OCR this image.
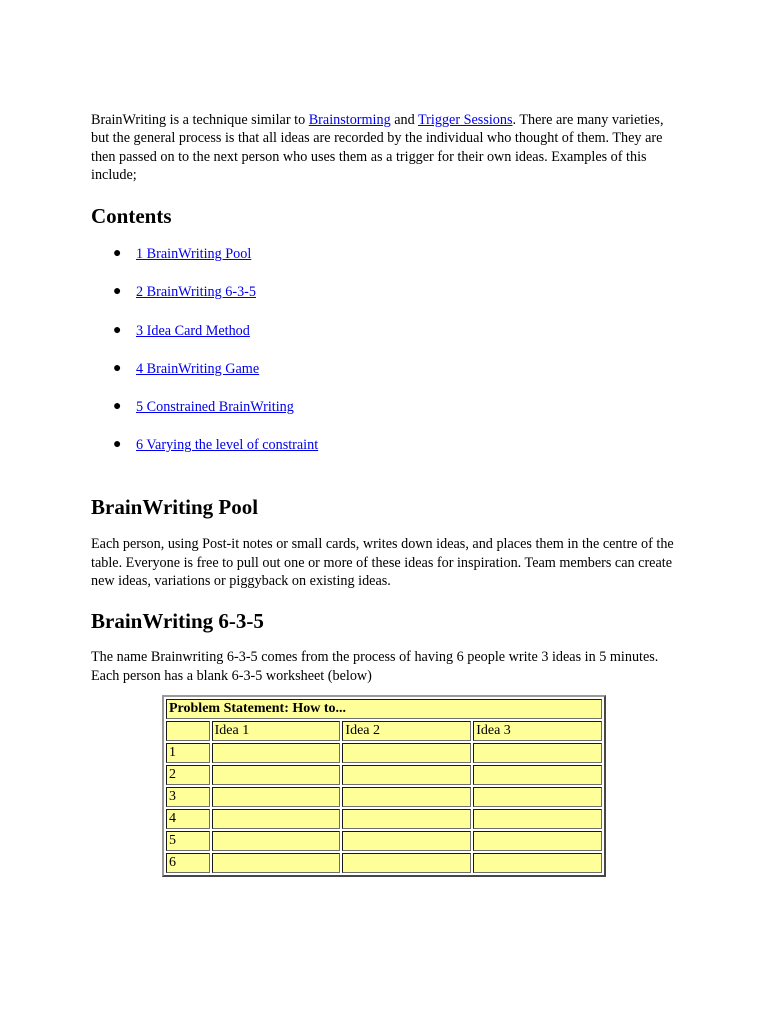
BrainWriting is a technique similar to Brainstorming and Trigger Sessions. There are many varieties, but the general process is that all ideas are recorded by the individual who thought of them. They are then passed on to the next person who uses them as a trigger for their own ideas. Examples of this include;

Contents
● 1 BrainWriting Pool
● 2 BrainWriting 6-3-5
● 3 Idea Card Method
● 4 BrainWriting Game
● 5 Constrained BrainWriting
● 6 Varying the level of constraint
BrainWriting Pool

Each person, using Post-it notes or small cards, writes down ideas, and places them in the centre of the table. Everyone is free to pull out one or more of these ideas for inspiration. Team members can create new ideas, variations or piggyback on existing ideas.

BrainWriting 6-3-5

The name Brainwriting 6-3-5 comes from the process of having 6 people write 3 ideas in 5 minutes. Each person has a blank 6-3-5 worksheet (below)

Problem Statement: How to...			
	Idea 1	Idea 2	Idea 3
1			
2			
3			
4			
5			
6			
